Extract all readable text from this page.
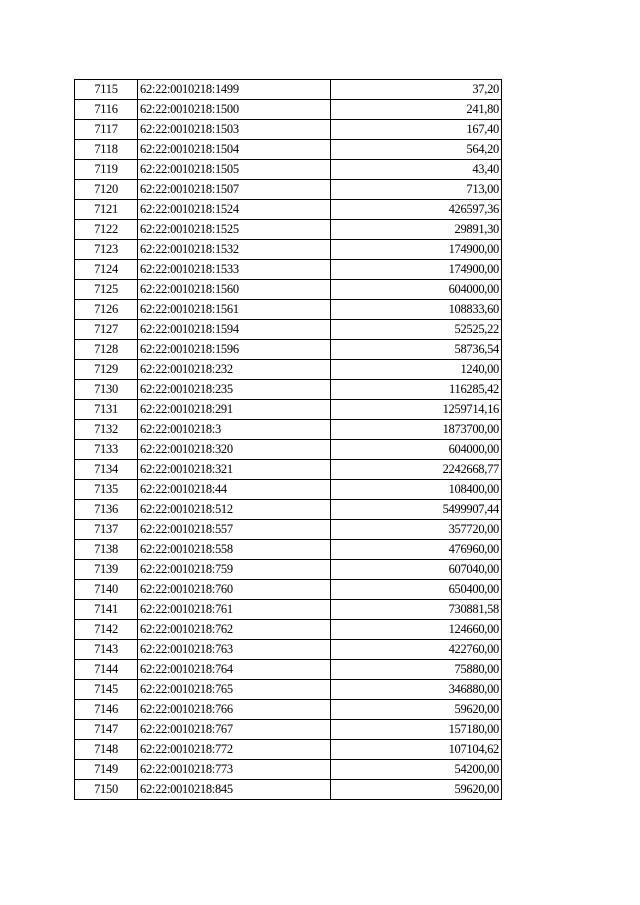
7115	62:22:0010218:1499	37,20
7116	62:22:0010218:1500	241,80
7117	62:22:0010218:1503	167,40
7118	62:22:0010218:1504	564,20
7119	62:22:0010218:1505	43,40
7120	62:22:0010218:1507	713,00
7121	62:22:0010218:1524	426597,36
7122	62:22:0010218:1525	29891,30
7123	62:22:0010218:1532	174900,00
7124	62:22:0010218:1533	174900,00
7125	62:22:0010218:1560	604000,00
7126	62:22:0010218:1561	108833,60
7127	62:22:0010218:1594	52525,22
7128	62:22:0010218:1596	58736,54
7129	62:22:0010218:232	1240,00
7130	62:22:0010218:235	116285,42
7131	62:22:0010218:291	1259714,16
7132	62:22:0010218:3	1873700,00
7133	62:22:0010218:320	604000,00
7134	62:22:0010218:321	2242668,77
7135	62:22:0010218:44	108400,00
7136	62:22:0010218:512	5499907,44
7137	62:22:0010218:557	357720,00
7138	62:22:0010218:558	476960,00
7139	62:22:0010218:759	607040,00
7140	62:22:0010218:760	650400,00
7141	62:22:0010218:761	730881,58
7142	62:22:0010218:762	124660,00
7143	62:22:0010218:763	422760,00
7144	62:22:0010218:764	75880,00
7145	62:22:0010218:765	346880,00
7146	62:22:0010218:766	59620,00
7147	62:22:0010218:767	157180,00
7148	62:22:0010218:772	107104,62
7149	62:22:0010218:773	54200,00
7150	62:22:0010218:845	59620,00
